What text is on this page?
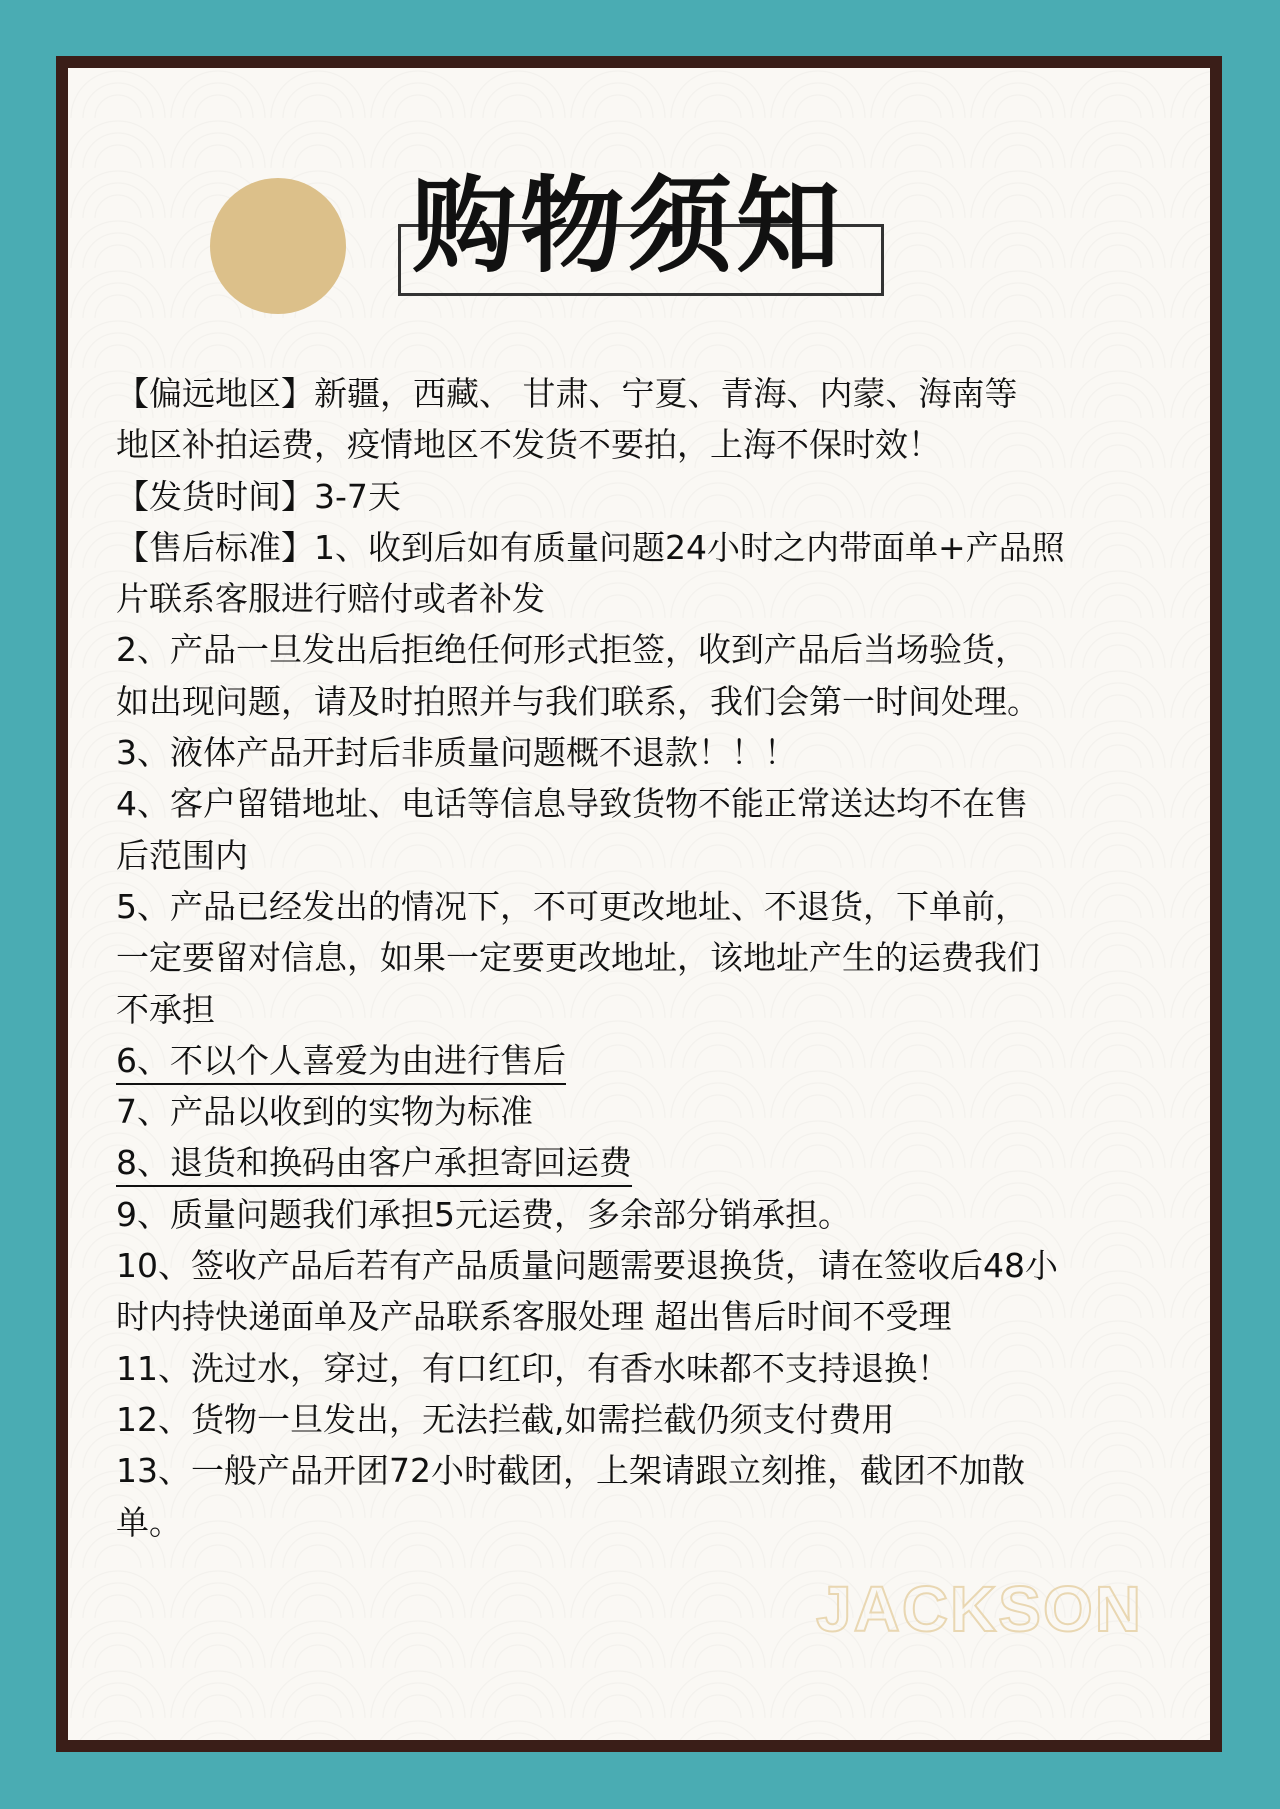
购物须知
【偏远地区】新疆，西藏、 甘肃、宁夏、青海、内蒙、海南等
地区补拍运费，疫情地区不发货不要拍，上海不保时效！
【发货时间】3-7天
【售后标准】1、收到后如有质量问题24小时之内带面单+产品照
片联系客服进行赔付或者补发
2、产品一旦发出后拒绝任何形式拒签，收到产品后当场验货，
如出现问题，请及时拍照并与我们联系，我们会第一时间处理。
3、液体产品开封后非质量问题概不退款！！！
4、客户留错地址、电话等信息导致货物不能正常送达均不在售
后范围内
5、产品已经发出的情况下，不可更改地址、不退货，下单前，
一定要留对信息，如果一定要更改地址，该地址产生的运费我们
不承担
6、不以个人喜爱为由进行售后
7、产品以收到的实物为标准
8、退货和换码由客户承担寄回运费
9、质量问题我们承担5元运费，多余部分销承担。
10、签收产品后若有产品质量问题需要退换货，请在签收后48小
时内持快递面单及产品联系客服处理 超出售后时间不受理
11、洗过水，穿过，有口红印，有香水味都不支持退换！
12、货物一旦发出，无法拦截,如需拦截仍须支付费用
13、一般产品开团72小时截团，上架请跟立刻推，截团不加散
单。
JACKSON
